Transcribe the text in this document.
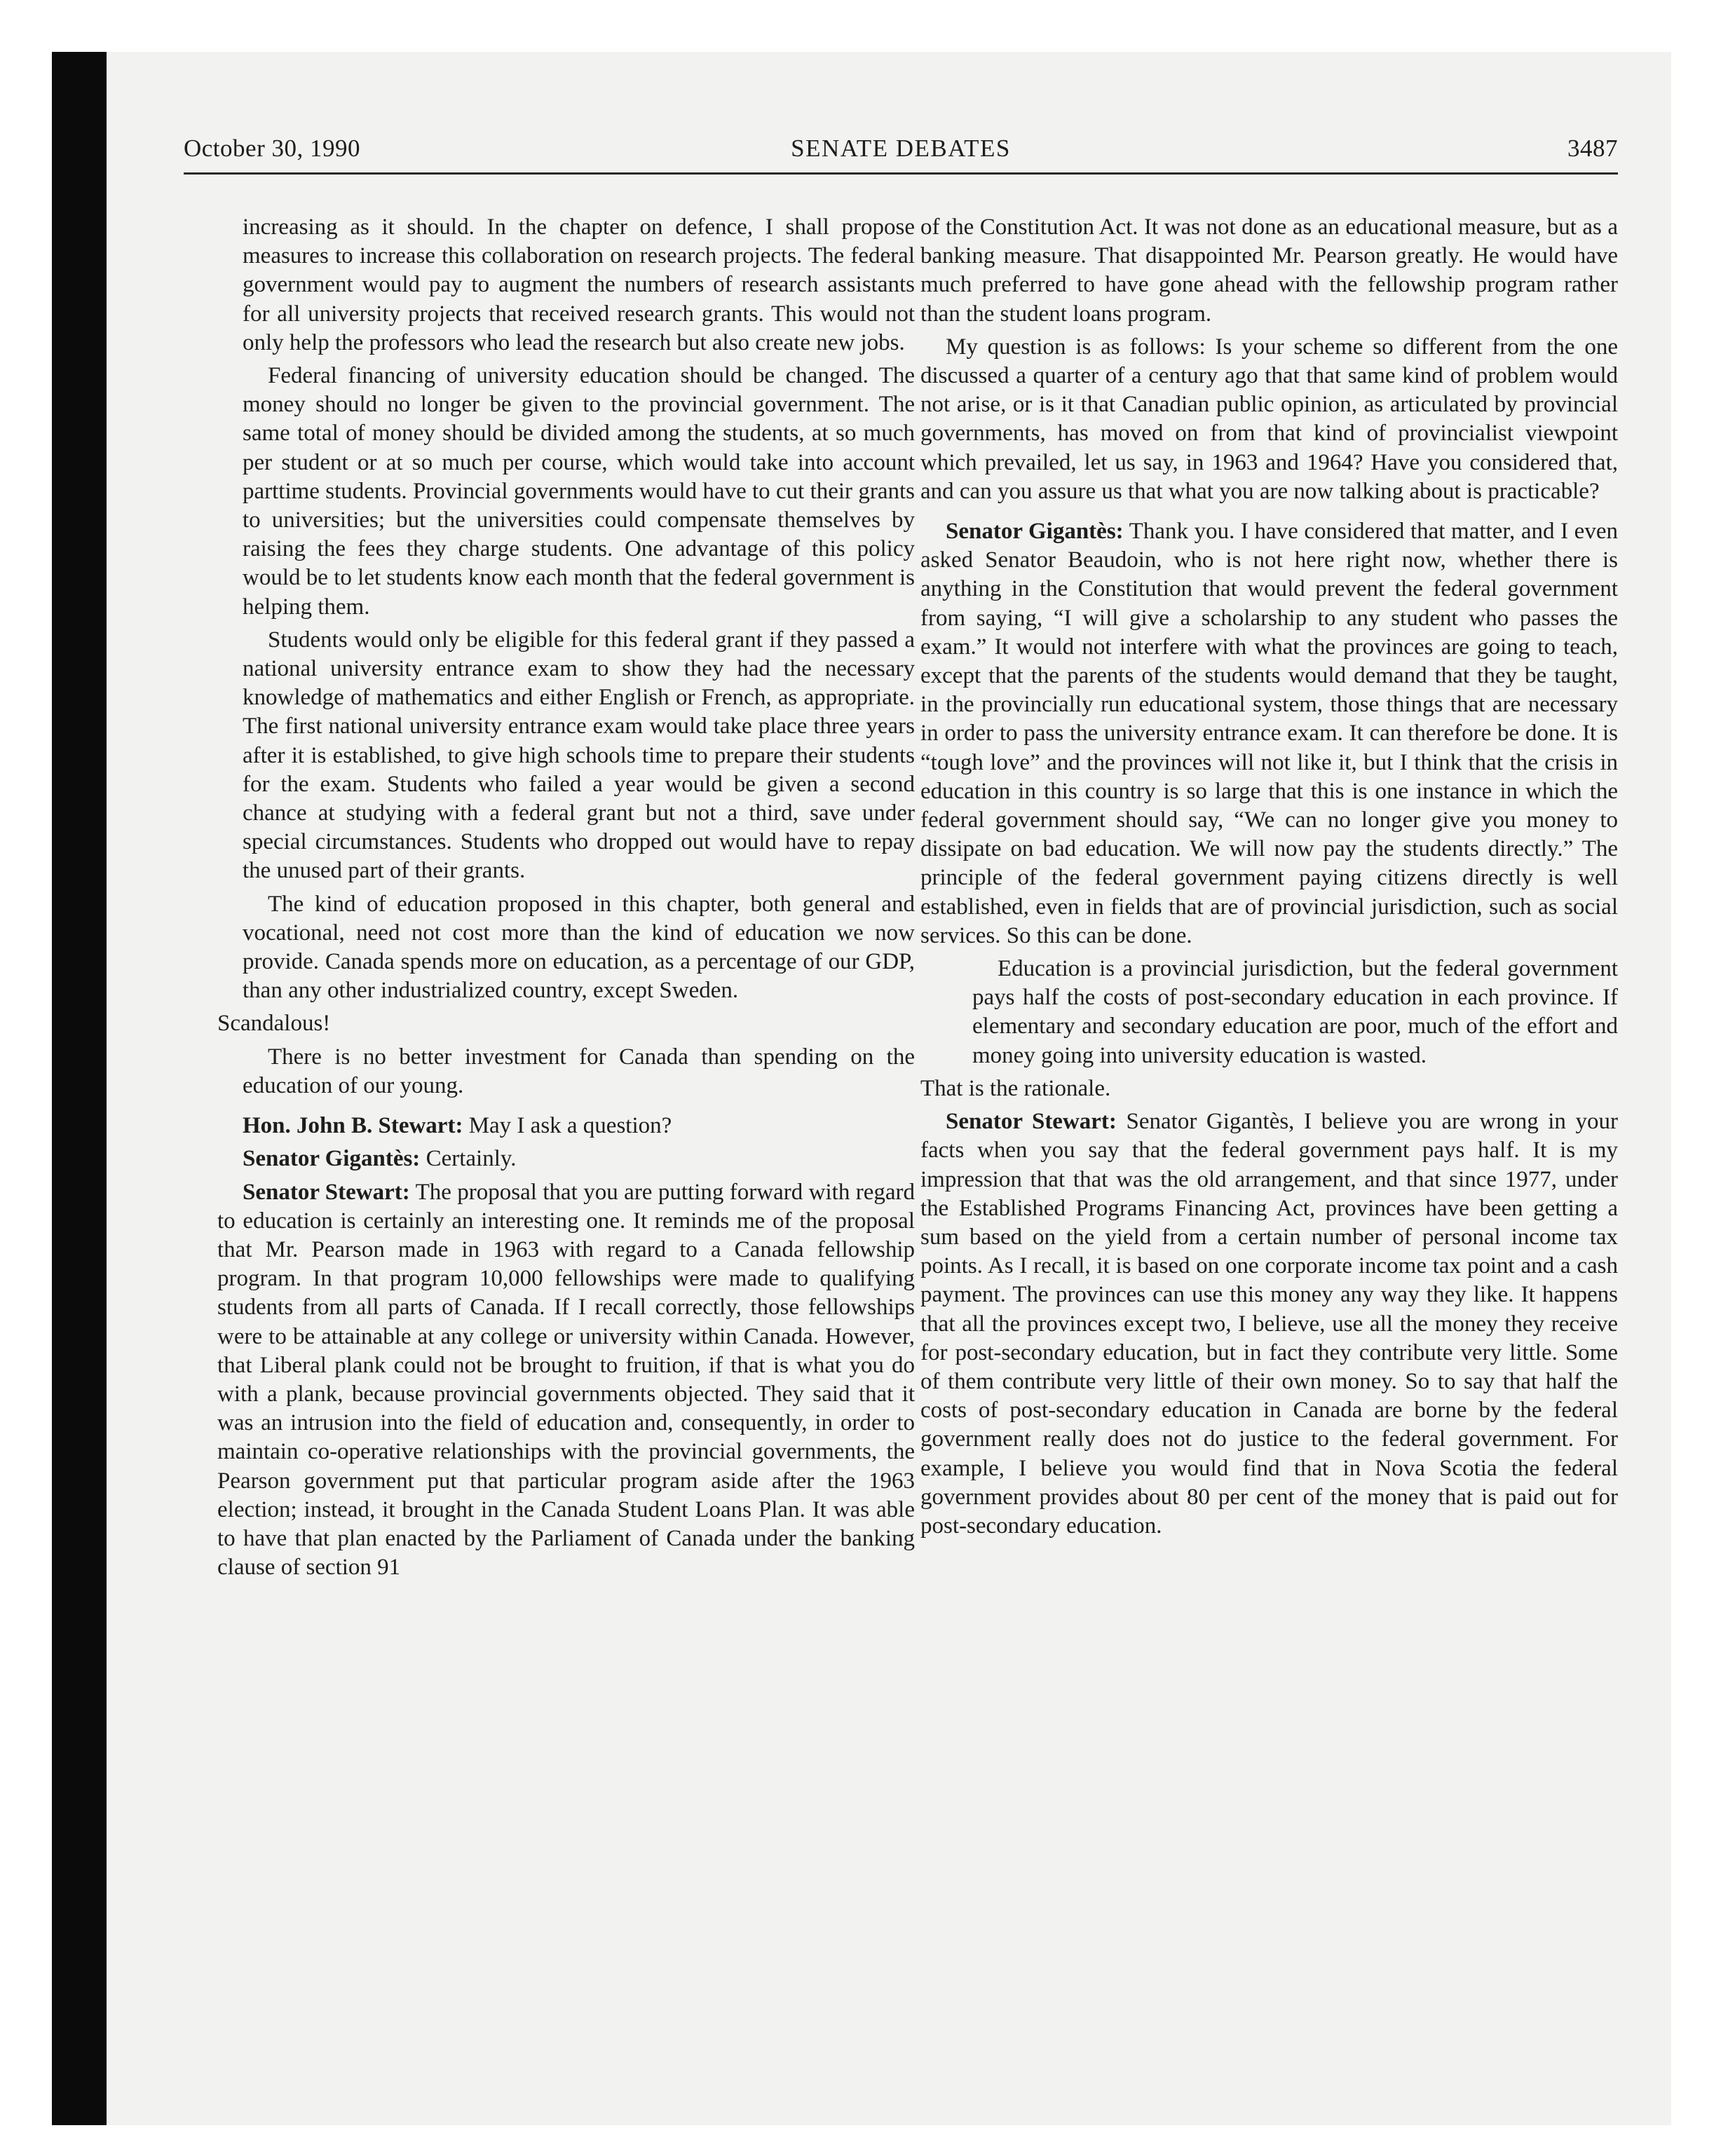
October 30, 1990	SENATE DEBATES	3487

increasing as it should. In the chapter on defence, I shall propose measures to increase this collaboration on research projects. The federal government would pay to augment the numbers of research assistants for all university projects that received research grants. This would not only help the professors who lead the research but also create new jobs.

Federal financing of university education should be changed. The money should no longer be given to the provincial government. The same total of money should be divided among the students, at so much per student or at so much per course, which would take into account parttime students. Provincial governments would have to cut their grants to universities; but the universities could compensate themselves by raising the fees they charge students. One advantage of this policy would be to let students know each month that the federal government is helping them.

Students would only be eligible for this federal grant if they passed a national university entrance exam to show they had the necessary knowledge of mathematics and either English or French, as appropriate. The first national university entrance exam would take place three years after it is established, to give high schools time to prepare their students for the exam. Students who failed a year would be given a second chance at studying with a federal grant but not a third, save under special circumstances. Students who dropped out would have to repay the unused part of their grants.

The kind of education proposed in this chapter, both general and vocational, need not cost more than the kind of education we now provide. Canada spends more on education, as a percentage of our GDP, than any other industrialized country, except Sweden.

Scandalous!

There is no better investment for Canada than spending on the education of our young.

Hon. John B. Stewart: May I ask a question?

Senator Gigantès: Certainly.

Senator Stewart: The proposal that you are putting forward with regard to education is certainly an interesting one. It reminds me of the proposal that Mr. Pearson made in 1963 with regard to a Canada fellowship program. In that program 10,000 fellowships were made to qualifying students from all parts of Canada. If I recall correctly, those fellowships were to be attainable at any college or university within Canada. However, that Liberal plank could not be brought to fruition, if that is what you do with a plank, because provincial governments objected. They said that it was an intrusion into the field of education and, consequently, in order to maintain co-operative relationships with the provincial governments, the Pearson government put that particular program aside after the 1963 election; instead, it brought in the Canada Student Loans Plan. It was able to have that plan enacted by the Parliament of Canada under the banking clause of section 91

of the Constitution Act. It was not done as an educational measure, but as a banking measure. That disappointed Mr. Pearson greatly. He would have much preferred to have gone ahead with the fellowship program rather than the student loans program.

My question is as follows: Is your scheme so different from the one discussed a quarter of a century ago that that same kind of problem would not arise, or is it that Canadian public opinion, as articulated by provincial governments, has moved on from that kind of provincialist viewpoint which prevailed, let us say, in 1963 and 1964? Have you considered that, and can you assure us that what you are now talking about is practicable?

Senator Gigantès: Thank you. I have considered that matter, and I even asked Senator Beaudoin, who is not here right now, whether there is anything in the Constitution that would prevent the federal government from saying, “I will give a scholarship to any student who passes the exam.” It would not interfere with what the provinces are going to teach, except that the parents of the students would demand that they be taught, in the provincially run educational system, those things that are necessary in order to pass the university entrance exam. It can therefore be done. It is “tough love” and the provinces will not like it, but I think that the crisis in education in this country is so large that this is one instance in which the federal government should say, “We can no longer give you money to dissipate on bad education. We will now pay the students directly.” The principle of the federal government paying citizens directly is well established, even in fields that are of provincial jurisdiction, such as social services. So this can be done.

Education is a provincial jurisdiction, but the federal government pays half the costs of post-secondary education in each province. If elementary and secondary education are poor, much of the effort and money going into university education is wasted.

That is the rationale.

Senator Stewart: Senator Gigantès, I believe you are wrong in your facts when you say that the federal government pays half. It is my impression that that was the old arrangement, and that since 1977, under the Established Programs Financing Act, provinces have been getting a sum based on the yield from a certain number of personal income tax points. As I recall, it is based on one corporate income tax point and a cash payment. The provinces can use this money any way they like. It happens that all the provinces except two, I believe, use all the money they receive for post-secondary education, but in fact they contribute very little. Some of them contribute very little of their own money. So to say that half the costs of post-secondary education in Canada are borne by the federal government really does not do justice to the federal government. For example, I believe you would find that in Nova Scotia the federal government provides about 80 per cent of the money that is paid out for post-secondary education.
